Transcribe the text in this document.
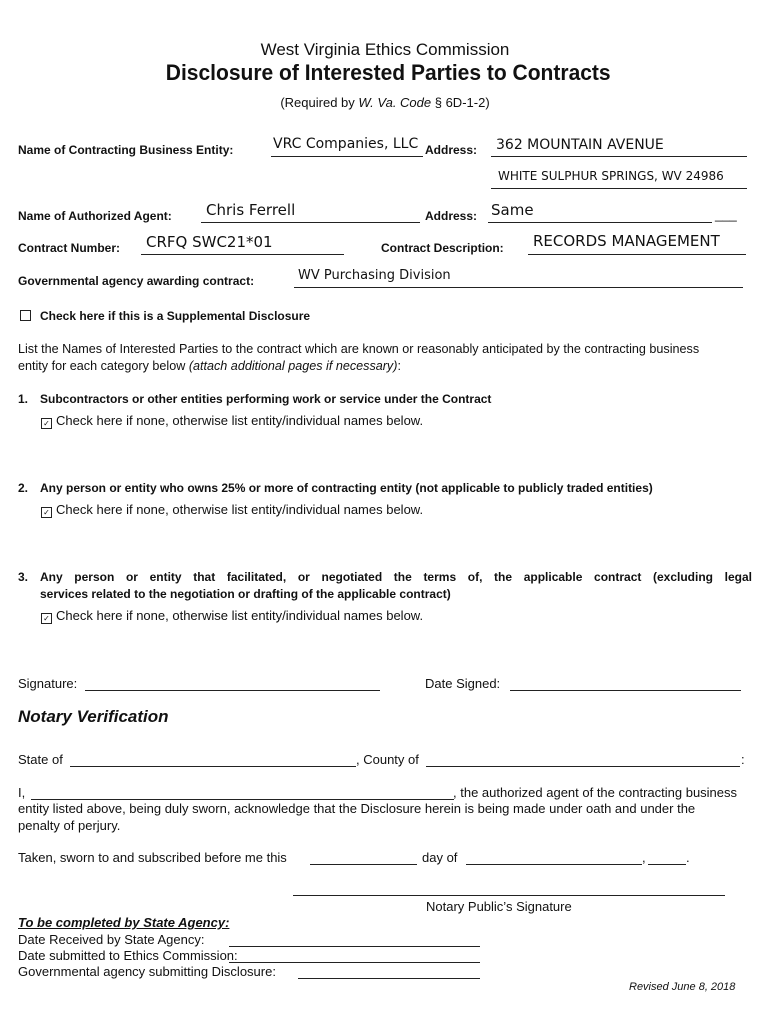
West Virginia Ethics Commission
Disclosure of Interested Parties to Contracts
(Required by W. Va. Code § 6D-1-2)
Name of Contracting Business Entity:	VRC Companies, LLC Address: 362 MOUNTAIN AVENUE
WHITE SULPHUR SPRINGS, WV 24986
Name of Authorized Agent: Chris Ferrell	Address: Same	___
Contract Number: CRFQ SWC21*01	Contract Description: RECORDS MANAGEMENT
Governmental agency awarding contract:	WV Purchasing Division
Check here if this is a Supplemental Disclosure
List the Names of Interested Parties to the contract which are known or reasonably anticipated by the contracting business
entity for each category below (attach additional pages if necessary):
1. Subcontractors or other entities performing work or service under the Contract
✓ Check here if none, otherwise list entity/individual names below.
2. Any person or entity who owns 25% or more of contracting entity (not applicable to publicly traded entities)
✓ Check here if none, otherwise list entity/individual names below.
3. Any person or entity that facilitated, or negotiated the terms of, the applicable contract (excluding legal
services related to the negotiation or drafting of the applicable contract)
✓ Check here if none, otherwise list entity/individual names below.
Signature:	Date Signed:
Notary Verification
State of	, County of	:
I,	, the authorized agent of the contracting business
entity listed above, being duly sworn, acknowledge that the Disclosure herein is being made under oath and under the
penalty of perjury.
Taken, sworn to and subscribed before me this	day of	,	.
Notary Public’s Signature
To be completed by State Agency:
Date Received by State Agency:
Date submitted to Ethics Commission:
Governmental agency submitting Disclosure:
Revised June 8, 2018
